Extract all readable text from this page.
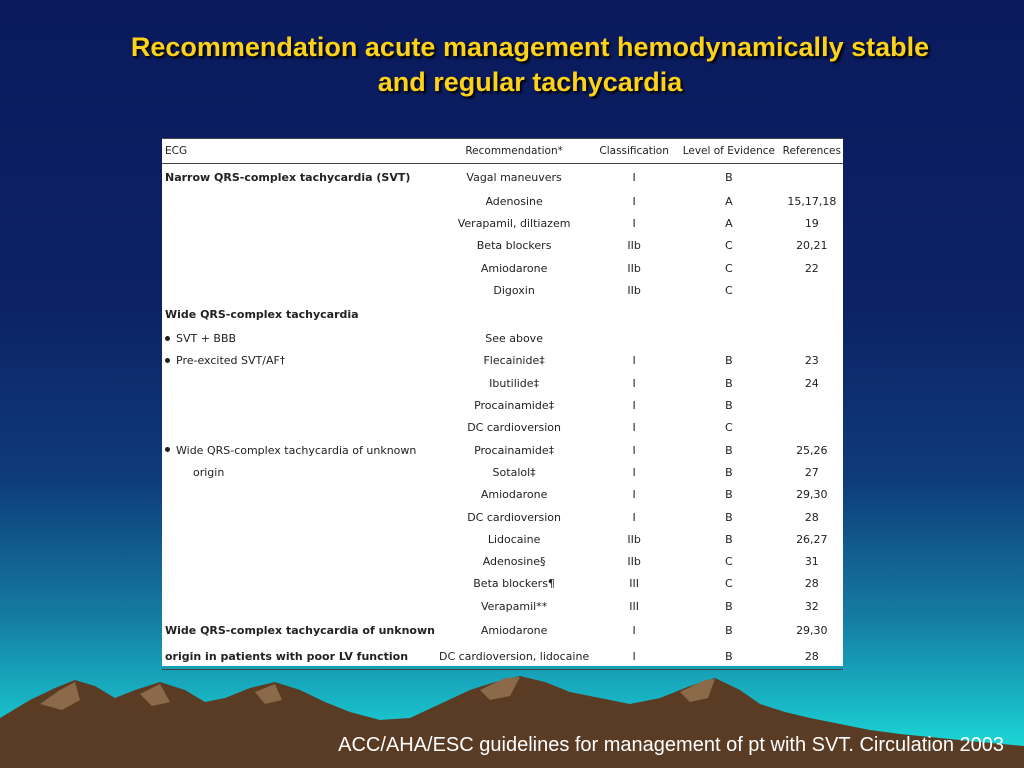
Recommendation acute management hemodynamically stable
and regular tachycardia
ECG	Recommendation*	Classification	Level of Evidence	References
Narrow QRS-complex tachycardia (SVT)	Vagal maneuvers	I	B	
	Adenosine	I	A	15,17,18
	Verapamil, diltiazem	I	A	19
	Beta blockers	IIb	C	20,21
	Amiodarone	IIb	C	22
	Digoxin	IIb	C	
Wide QRS-complex tachycardia				
SVT + BBB	See above			
Pre-excited SVT/AF†	Flecainide‡	I	B	23
	Ibutilide‡	I	B	24
	Procainamide‡	I	B	
	DC cardioversion	I	C	
Wide QRS-complex tachycardia of unknown	Procainamide‡	I	B	25,26
origin	Sotalol‡	I	B	27
	Amiodarone	I	B	29,30
	DC cardioversion	I	B	28
	Lidocaine	IIb	B	26,27
	Adenosine§	IIb	C	31
	Beta blockers¶	III	C	28
	Verapamil**	III	B	32
Wide QRS-complex tachycardia of unknown	Amiodarone	I	B	29,30
origin in patients with poor LV function	DC cardioversion, lidocaine	I	B	28
ACC/AHA/ESC guidelines for management of pt with SVT. Circulation 2003
